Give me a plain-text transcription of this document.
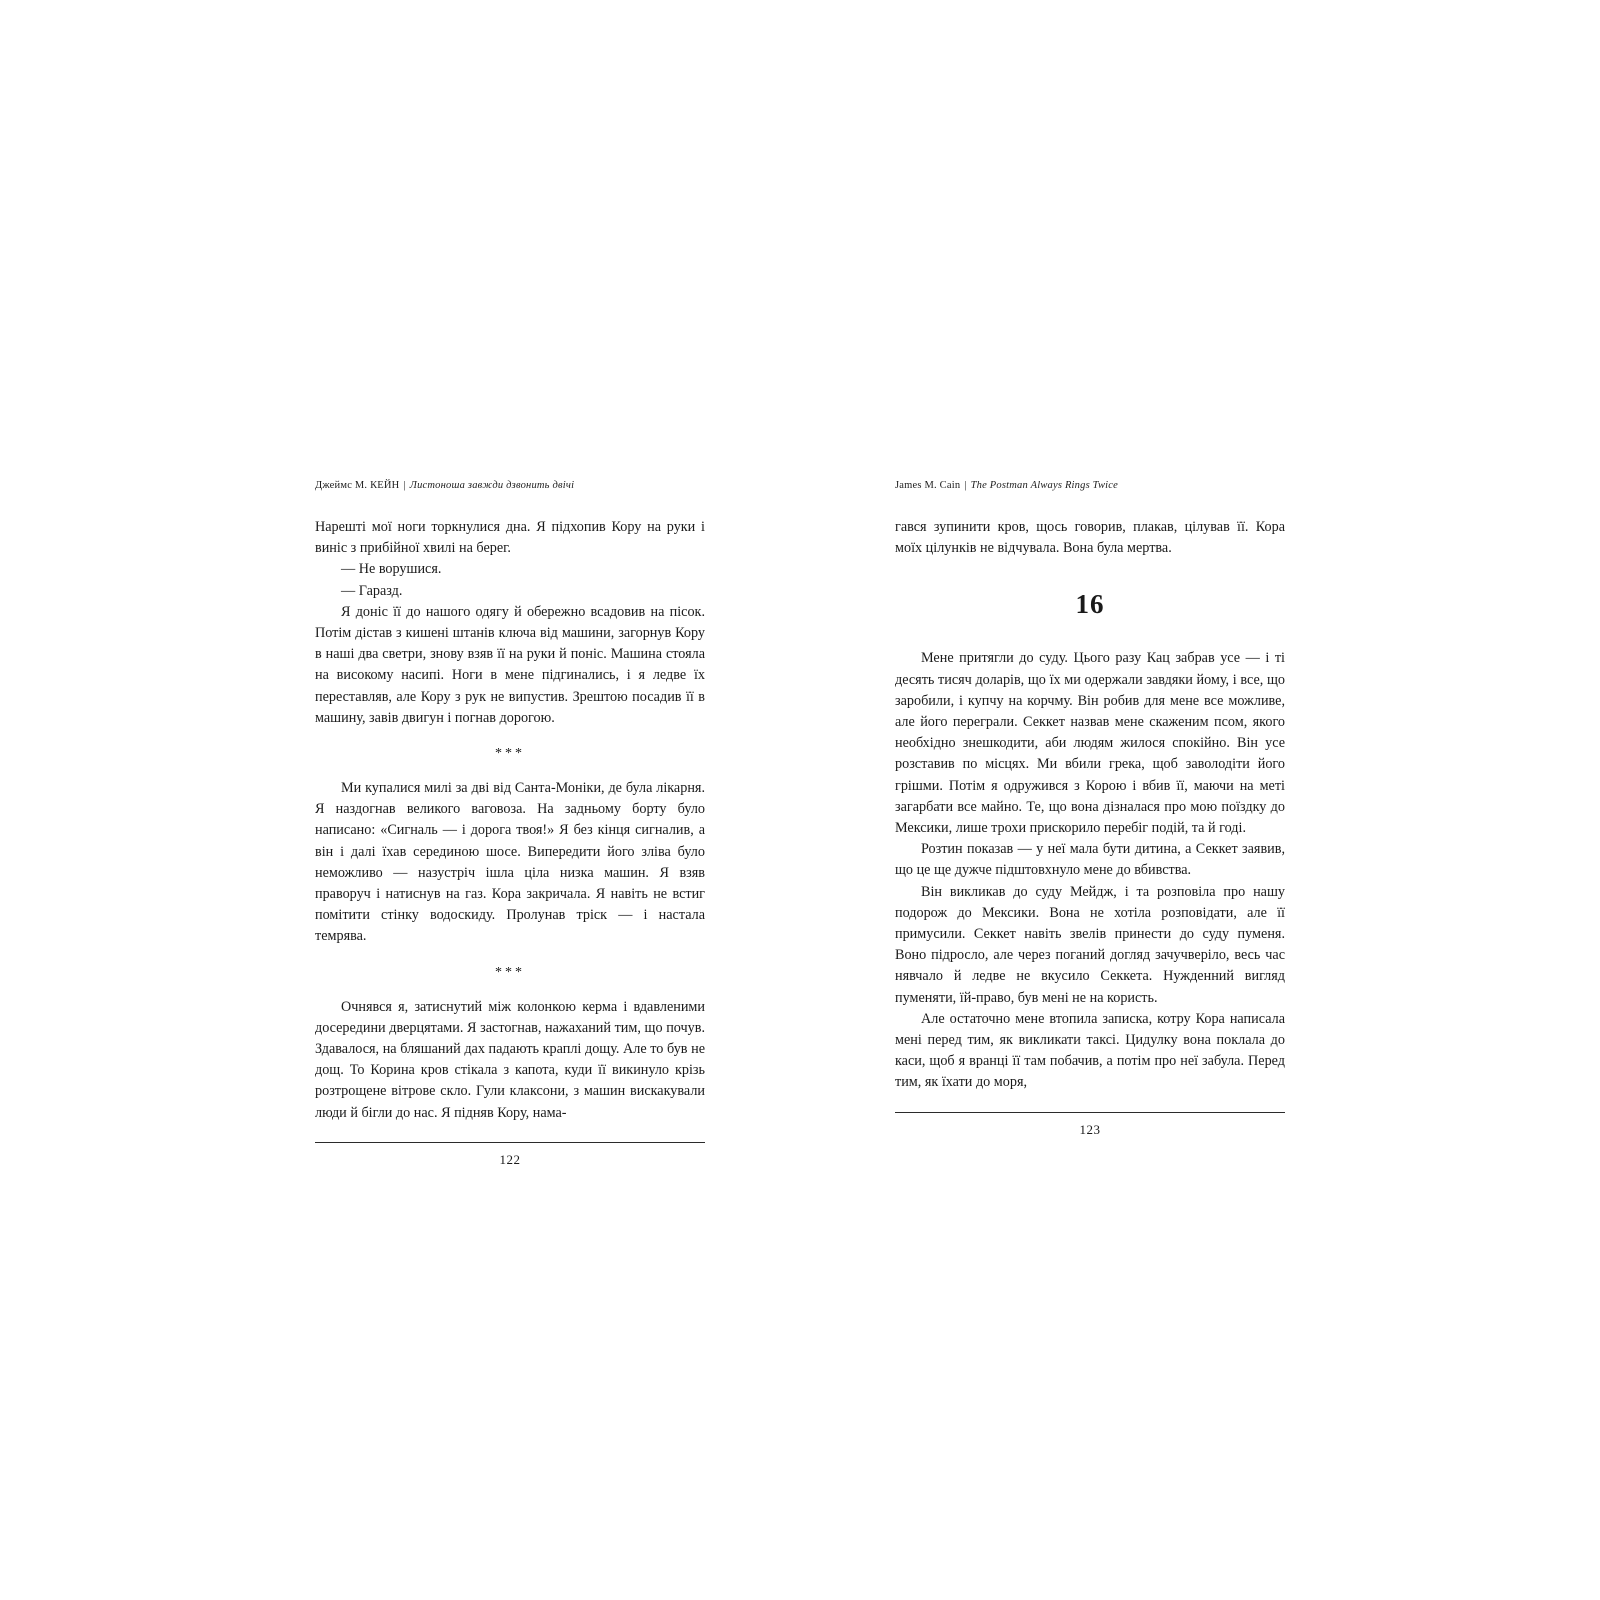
Джеймс М. КЕЙН | Листоноша завжди дзвонить двічі

Нарешті мої ноги торкнулися дна. Я підхопив Кору на руки і виніс з прибійної хвилі на берег.

— Не ворушися.

— Гаразд.

Я доніс її до нашого одягу й обережно всадовив на пісок. Потім дістав з кишені штанів ключа від машини, загорнув Кору в наші два светри, знову взяв її на руки й поніс. Машина стояла на високому насипі. Ноги в мене підгинались, і я ледве їх переставляв, але Кору з рук не випустив. Зрештою посадив її в машину, завів двигун і погнав дорогою.

***

Ми купалися милі за дві від Санта-Моніки, де була лікарня. Я наздогнав великого ваговоза. На задньому борту було написано: «Сигналь — і дорога твоя!» Я без кінця сигналив, а він і далі їхав серединою шосе. Випередити його зліва було неможливо — назустріч ішла ціла низка машин. Я взяв праворуч і натиснув на газ. Кора закричала. Я навіть не встиг помітити стінку водоскиду. Пролунав тріск — і настала темрява.

***

Очнявся я, затиснутий між колонкою керма і вдавленими досередини дверцятами. Я застогнав, нажаханий тим, що почув. Здавалося, на бляшаний дах падають краплі дощу. Але то був не дощ. То Корина кров стікала з капота, куди її викинуло крізь розтрощене вітрове скло. Гули клаксони, з машин вискакували люди й бігли до нас. Я підняв Кору, нама-

122
James M. Cain | The Postman Always Rings Twice

гався зупинити кров, щось говорив, плакав, цілував її. Кора моїх цілунків не відчувала. Вона була мертва.

16

Мене притягли до суду. Цього разу Кац забрав усе — і ті десять тисяч доларів, що їх ми одержали завдяки йому, і все, що заробили, і купчу на корчму. Він робив для мене все можливе, але його переграли. Секкет назвав мене скаженим псом, якого необхідно знешкодити, аби людям жилося спокійно. Він усе розставив по місцях. Ми вбили грека, щоб заволодіти його грішми. Потім я одружився з Корою і вбив її, маючи на меті загарбати все майно. Те, що вона дізналася про мою поїздку до Мексики, лише трохи прискорило перебіг подій, та й годі.

Розтин показав — у неї мала бути дитина, а Секкет заявив, що це ще дужче підштовхнуло мене до вбивства.

Він викликав до суду Мейдж, і та розповіла про нашу подорож до Мексики. Вона не хотіла розповідати, але її примусили. Секкет навіть звелів принести до суду пуменя. Воно підросло, але через поганий догляд зачучверіло, весь час нявчало й ледве не вкусило Секкета. Нужденний вигляд пуменяти, їй-право, був мені не на користь.

Але остаточно мене втопила записка, котру Кора написала мені перед тим, як викликати таксі. Цидулку вона поклала до каси, щоб я вранці її там побачив, а потім про неї забула. Перед тим, як їхати до моря,

123
